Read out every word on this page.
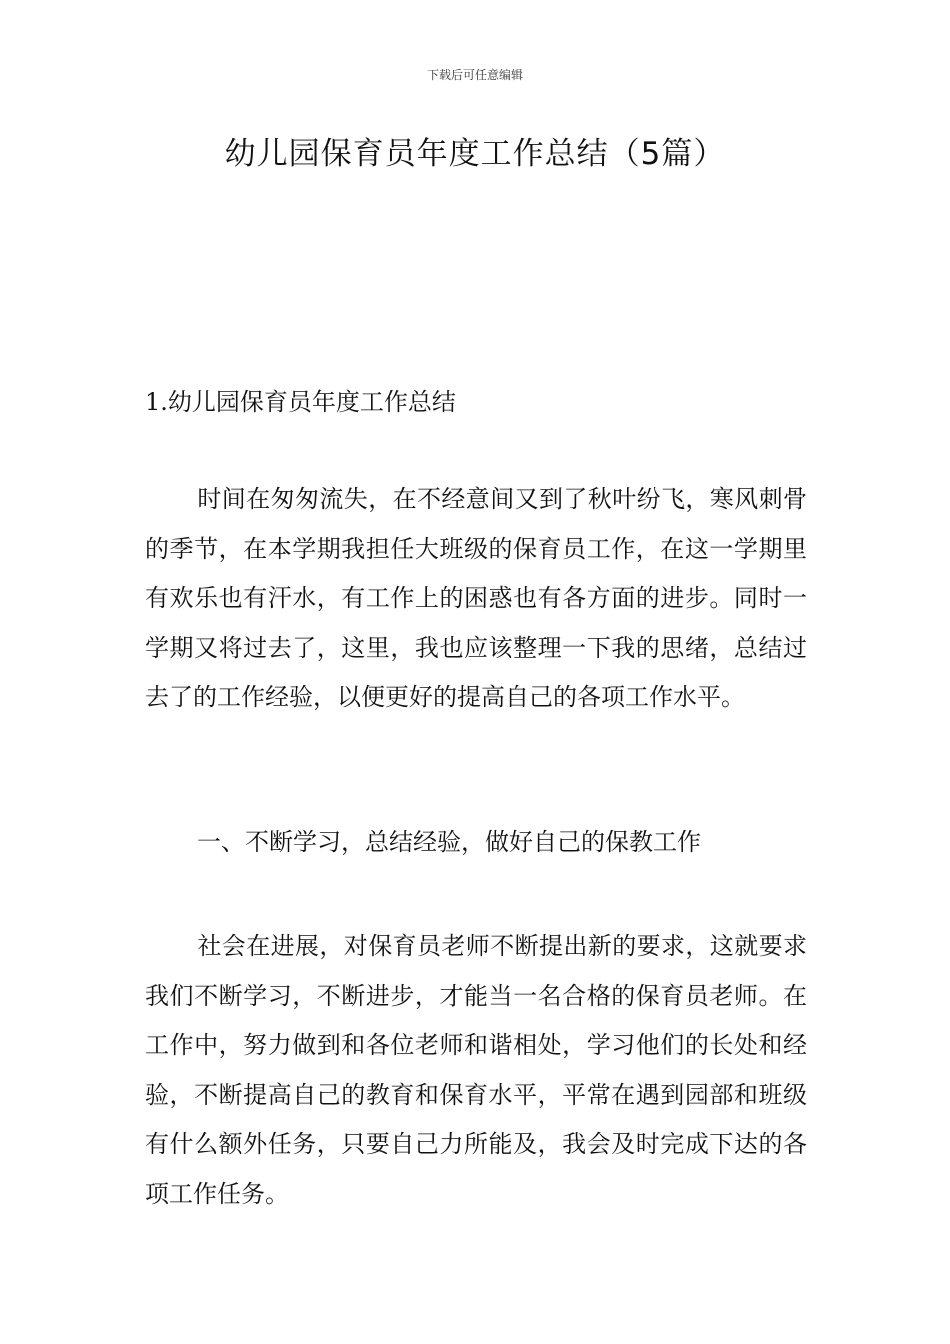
下载后可任意编辑
幼儿园保育员年度工作总结（5篇）
1.幼儿园保育员年度工作总结

时间在匆匆流失，在不经意间又到了秋叶纷飞，寒风刺骨的季节，在本学期我担任大班级的保育员工作，在这一学期里有欢乐也有汗水，有工作上的困惑也有各方面的进步。同时一学期又将过去了，这里，我也应该整理一下我的思绪，总结过去了的工作经验，以便更好的提高自己的各项工作水平。

一、不断学习，总结经验，做好自己的保教工作

社会在进展，对保育员老师不断提出新的要求，这就要求我们不断学习，不断进步，才能当一名合格的保育员老师。在工作中，努力做到和各位老师和谐相处，学习他们的长处和经验，不断提高自己的教育和保育水平，平常在遇到园部和班级有什么额外任务，只要自己力所能及，我会及时完成下达的各项工作任务。
